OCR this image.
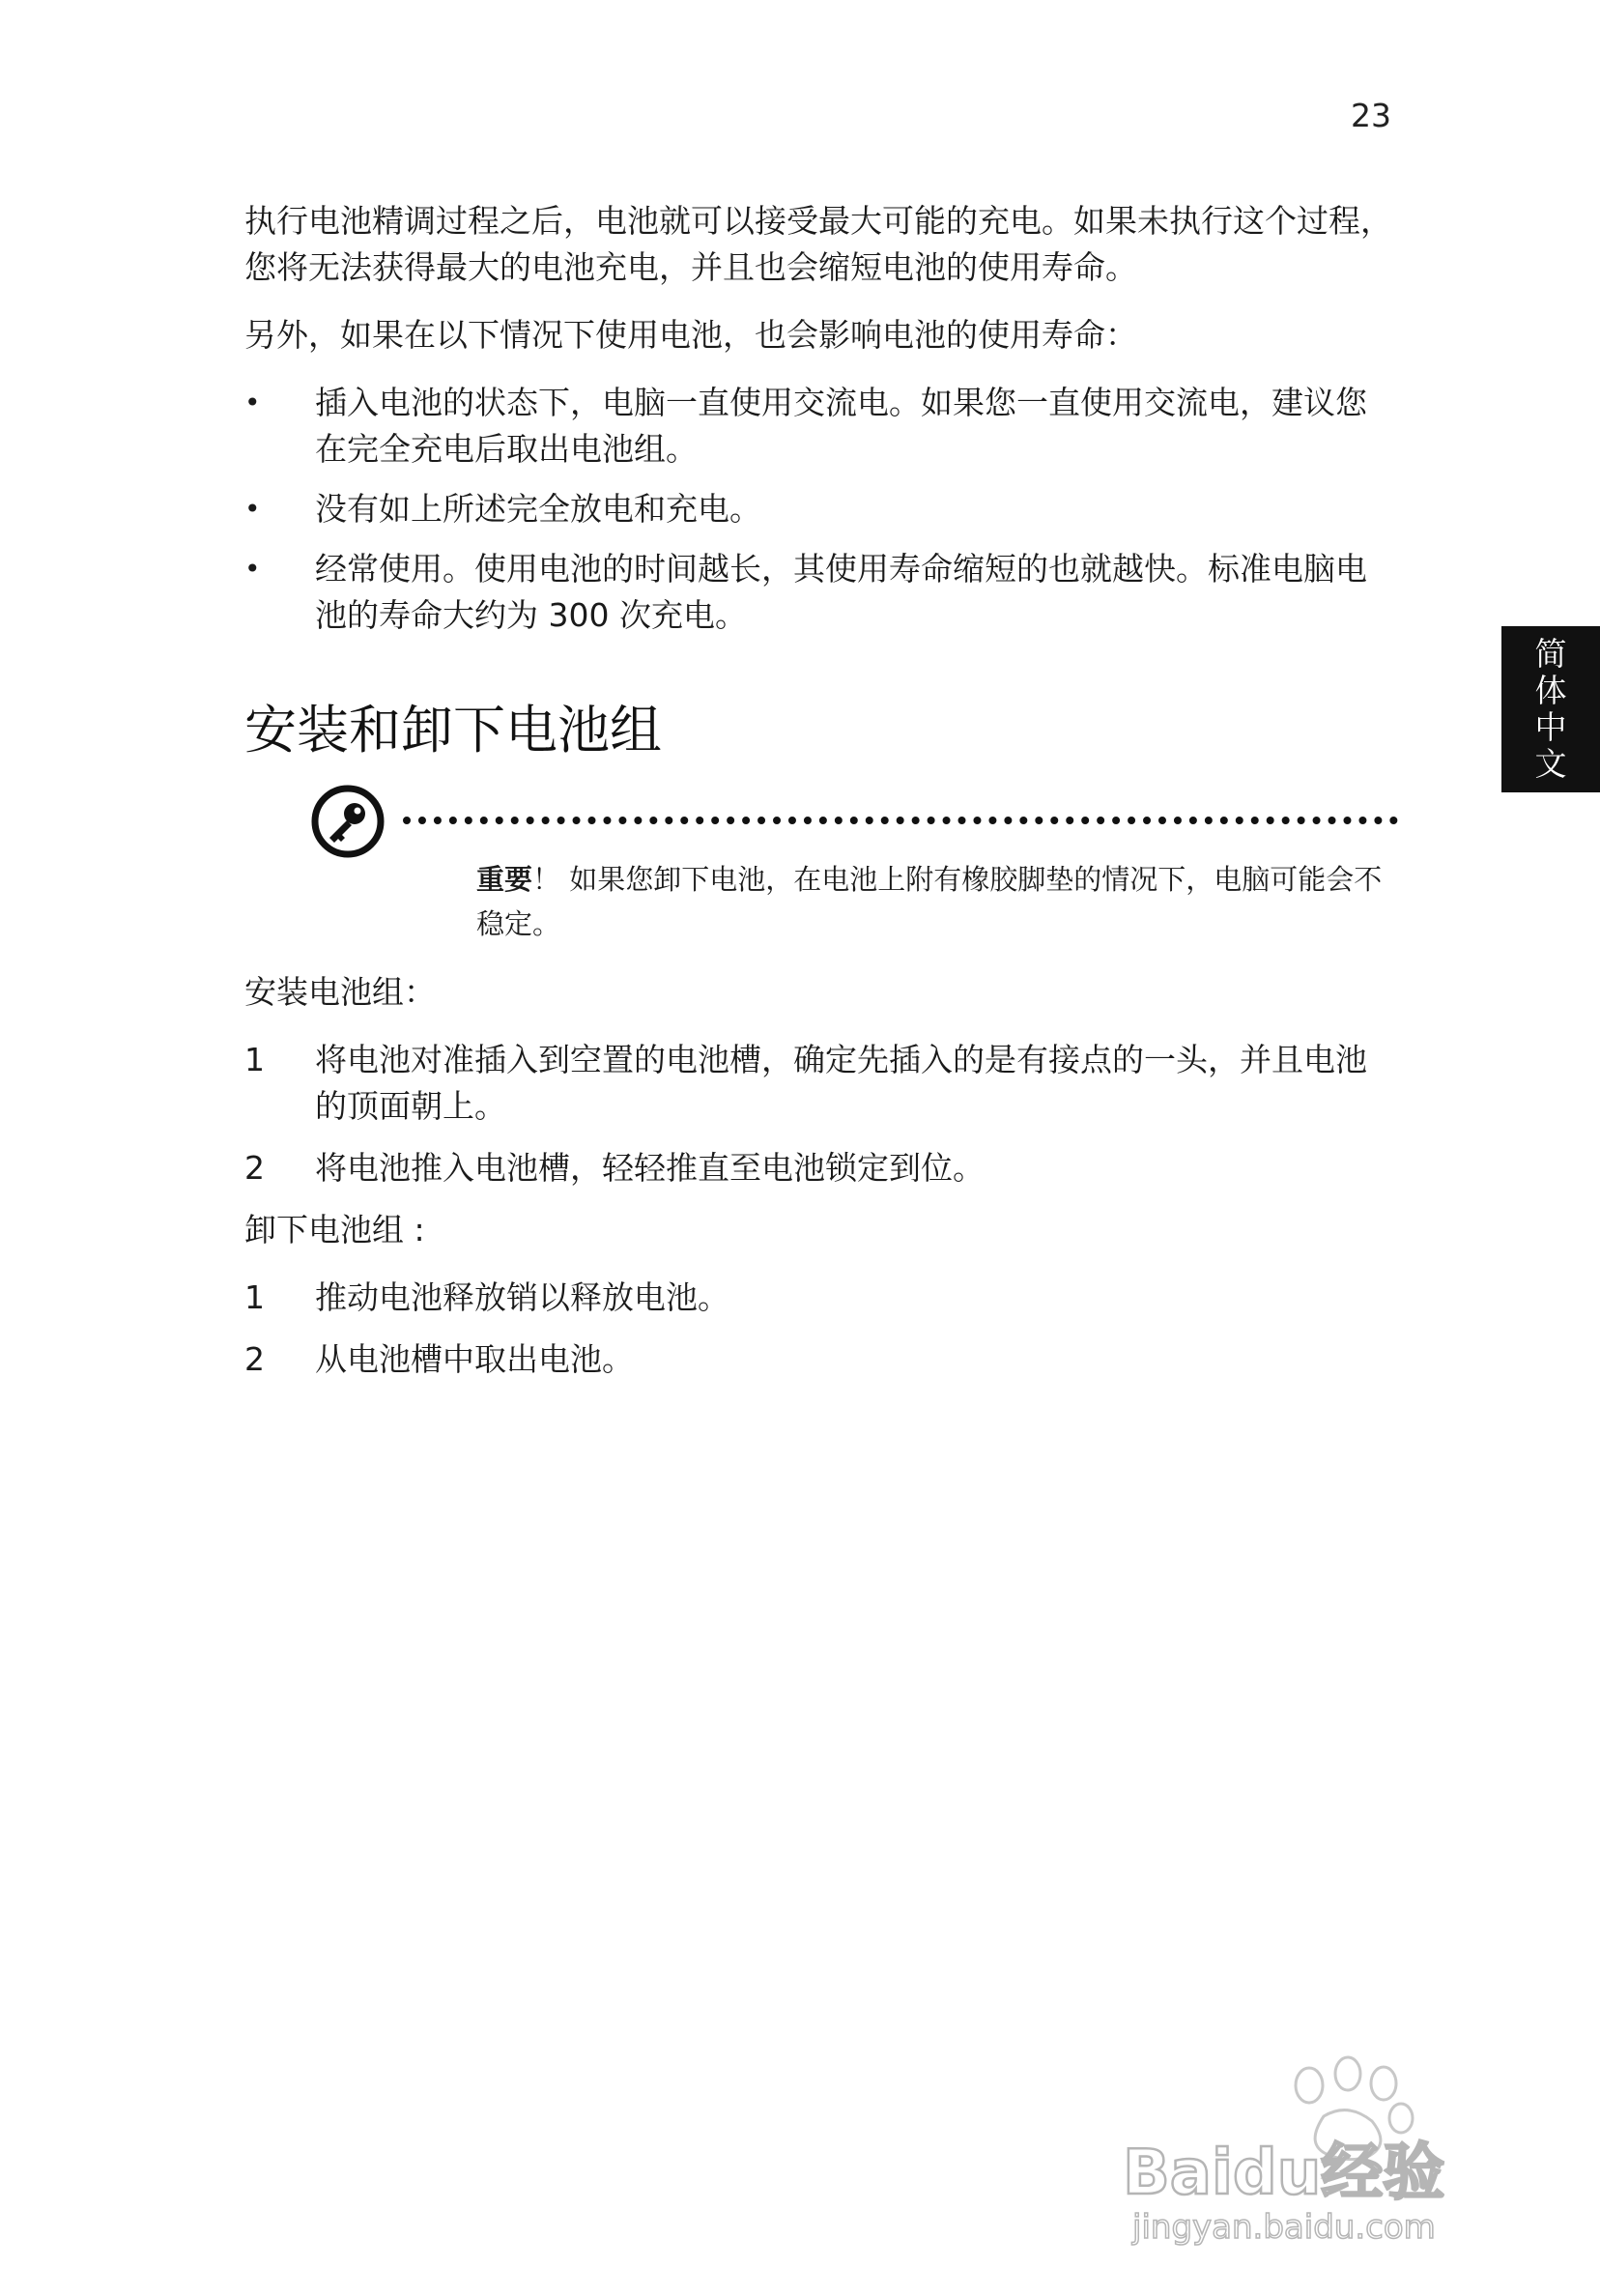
23
简
体
中
文

执行电池精调过程之后，电池就可以接受最大可能的充电。如果未执行这个过程，您将无法获得最大的电池充电，并且也会缩短电池的使用寿命。

另外，如果在以下情况下使用电池，也会影响电池的使用寿命：

•	插入电池的状态下，电脑一直使用交流电。如果您一直使用交流电，建议您在完全充电后取出电池组。
•	没有如上所述完全放电和充电。
•	经常使用。使用电池的时间越长，其使用寿命缩短的也就越快。标准电脑电池的寿命大约为 300 次充电。
安装和卸下电池组

重要！ 如果您卸下电池，在电池上附有橡胶脚垫的情况下，电脑可能会不稳定。

安装电池组：

1	将电池对准插入到空置的电池槽，确定先插入的是有接点的一头，并且电池的顶面朝上。
2	将电池推入电池槽，轻轻推直至电池锁定到位。

卸下电池组 :

1	推动电池释放销以释放电池。
2	从电池槽中取出电池。
Baidu经验
jingyan.baidu.com
